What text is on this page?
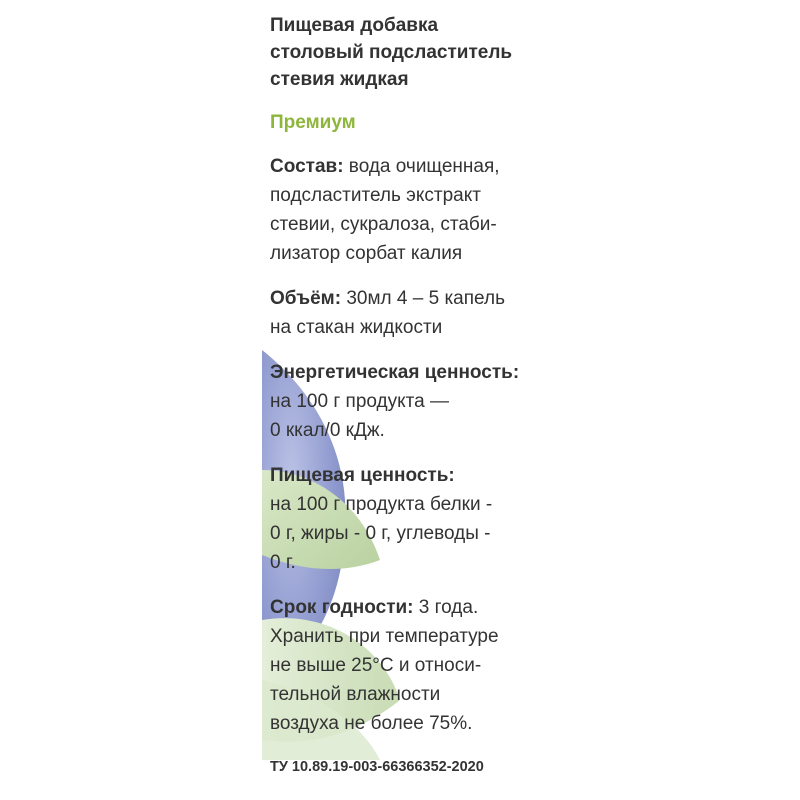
Пищевая добавка
столовый подсластитель
стевия жидкая
Премиум
Состав: вода очищенная,
подсластитель экстракт
стевии, сукралоза, стаби-
лизатор сорбат калия
Объём: 30мл 4 – 5 капель
на стакан жидкости
Энергетическая ценность:
на 100 г продукта —
0 ккал/0 кДж.
Пищевая ценность:
на 100 г продукта белки -
0 г, жиры - 0 г, углеводы -
0 г.
Срок годности: 3 года.
Хранить при температуре
не выше 25°С и относи-
тельной влажности
воздуха не более 75%.
ТУ 10.89.19-003-66366352-2020
